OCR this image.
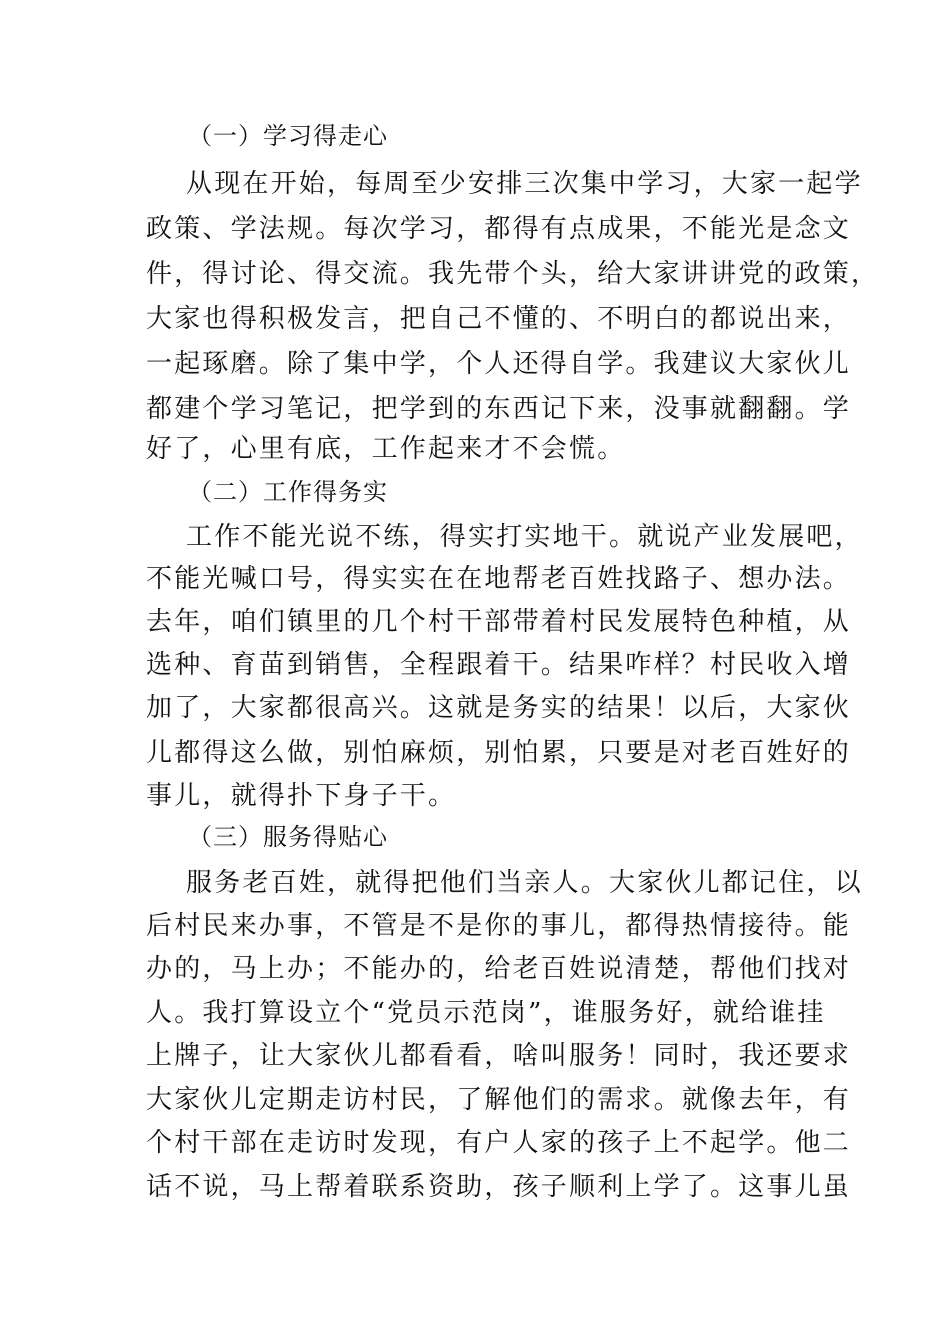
（一）学习得走心
从现在开始，每周至少安排三次集中学习，大家一起学
政策、学法规。每次学习，都得有点成果，不能光是念文
件，得讨论、得交流。我先带个头，给大家讲讲党的政策，
大家也得积极发言，把自己不懂的、不明白的都说出来，
一起琢磨。除了集中学，个人还得自学。我建议大家伙儿
都建个学习笔记，把学到的东西记下来，没事就翻翻。学
好了，心里有底，工作起来才不会慌。
（二）工作得务实
工作不能光说不练，得实打实地干。就说产业发展吧，
不能光喊口号，得实实在在地帮老百姓找路子、想办法。
去年，咱们镇里的几个村干部带着村民发展特色种植，从
选种、育苗到销售，全程跟着干。结果咋样？村民收入增
加了，大家都很高兴。这就是务实的结果！以后，大家伙
儿都得这么做，别怕麻烦，别怕累，只要是对老百姓好的
事儿，就得扑下身子干。
（三）服务得贴心
服务老百姓，就得把他们当亲人。大家伙儿都记住，以
后村民来办事，不管是不是你的事儿，都得热情接待。能
办的，马上办；不能办的，给老百姓说清楚，帮他们找对
人。我打算设立个“党员示范岗”，谁服务好，就给谁挂
上牌子，让大家伙儿都看看，啥叫服务！同时，我还要求
大家伙儿定期走访村民，了解他们的需求。就像去年，有
个村干部在走访时发现，有户人家的孩子上不起学。他二
话不说，马上帮着联系资助，孩子顺利上学了。这事儿虽
